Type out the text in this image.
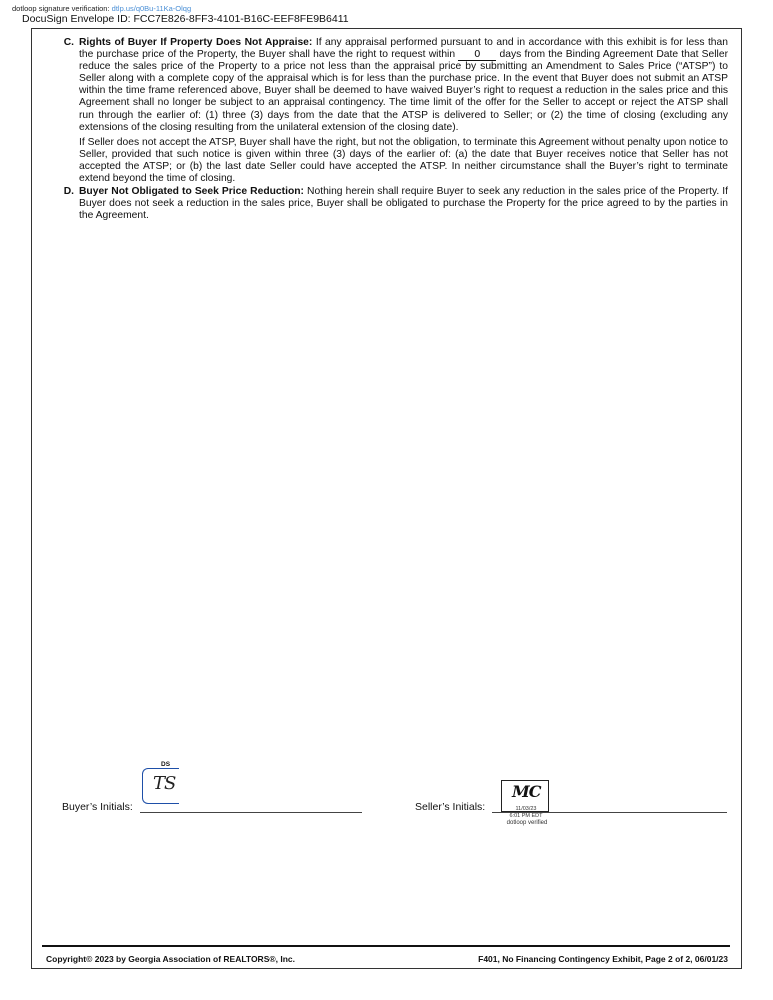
dotloop signature verification: dtlp.us/q0Bu-11Ka-Olqg
DocuSign Envelope ID: FCC7E826-8FF3-4101-B16C-EEF8FE9B6411
C. Rights of Buyer If Property Does Not Appraise: If any appraisal performed pursuant to and in accordance with this exhibit is for less than the purchase price of the Property, the Buyer shall have the right to request within 0 days from the Binding Agreement Date that Seller reduce the sales price of the Property to a price not less than the appraisal price by submitting an Amendment to Sales Price (“ATSP”) to Seller along with a complete copy of the appraisal which is for less than the purchase price. In the event that Buyer does not submit an ATSP within the time frame referenced above, Buyer shall be deemed to have waived Buyer’s right to request a reduction in the sales price and this Agreement shall no longer be subject to an appraisal contingency. The time limit of the offer for the Seller to accept or reject the ATSP shall run through the earlier of: (1) three (3) days from the date that the ATSP is delivered to Seller; or (2) the time of closing (excluding any extensions of the closing resulting from the unilateral extension of the closing date).
If Seller does not accept the ATSP, Buyer shall have the right, but not the obligation, to terminate this Agreement without penalty upon notice to Seller, provided that such notice is given within three (3) days of the earlier of: (a) the date that Buyer receives notice that Seller has not accepted the ATSP; or (b) the last date Seller could have accepted the ATSP. In neither circumstance shall the Buyer’s right to terminate extend beyond the time of closing.
D. Buyer Not Obligated to Seek Price Reduction: Nothing herein shall require Buyer to seek any reduction in the sales price of the Property. If Buyer does not seek a reduction in the sales price, Buyer shall be obligated to purchase the Property for the price agreed to by the parties in the Agreement.
Buyer’s Initials:
DS
TS
Seller’s Initials:
MC
11/03/23
6:01 PM EDT
dotloop verified
Copyright© 2023 by Georgia Association of REALTORS®, Inc.	F401, No Financing Contingency Exhibit, Page 2 of 2, 06/01/23
